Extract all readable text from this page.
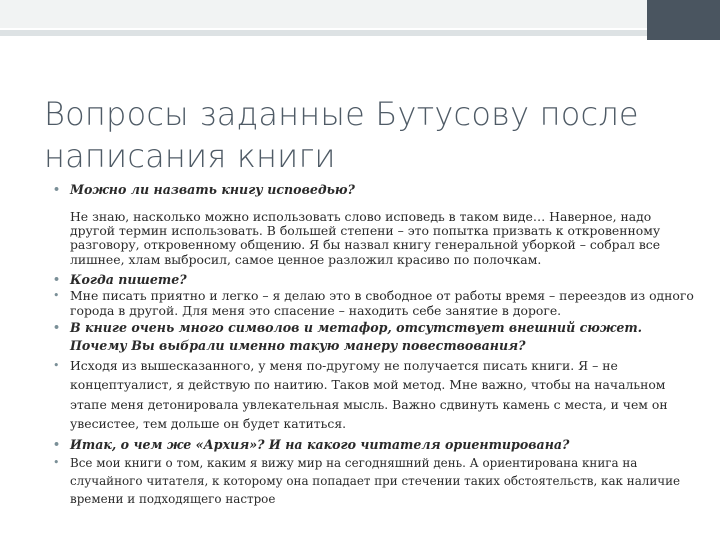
Вопросы заданные Бутусову после написания книги
• Можно ли назвать книгу исповедью?
Не знаю, насколько можно использовать слово исповедь в таком виде… Наверное, надо другой термин использовать. В большей степени – это попытка призвать к откровенному разговору, откровенному общению. Я бы назвал книгу генеральной уборкой – собрал все лишнее, хлам выбросил, самое ценное разложил красиво по полочкам.
• Когда пишете?
• Мне писать приятно и легко – я делаю это в свободное от работы время – переездов из одного города в другой. Для меня это спасение – находить себе занятие в дороге.
• В книге очень много символов и метафор, отсутствует внешний сюжет. Почему Вы выбрали именно такую манеру повествования?
• Исходя из вышесказанного, у меня по-другому не получается писать книги. Я – не концептуалист, я действую по наитию. Таков мой метод. Мне важно, чтобы на начальном этапе меня детонировала увлекательная мысль. Важно сдвинуть камень с места, и чем он увесистее, тем дольше он будет катиться.
• Итак, о чем же «Архия»? И на какого читателя ориентирована?
• Все мои книги о том, каким я вижу мир на сегодняшний день. А ориентирована книга на случайного читателя, к которому она попадает при стечении таких обстоятельств, как наличие времени и подходящего настрое
